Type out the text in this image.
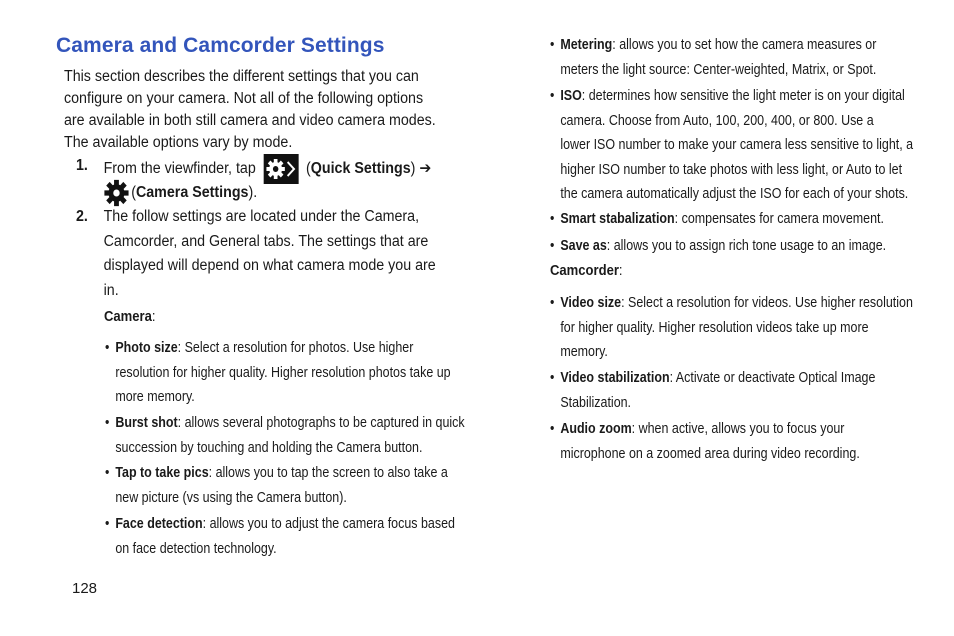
Camera and Camcorder Settings
This section describes the different settings that you can configure on your camera. Not all of the following options are available in both still camera and video camera modes. The available options vary by mode.
1. From the viewfinder, tap	(Quick Settings) ➔
(Camera Settings).
2. The follow settings are located under the Camera, Camcorder, and General tabs. The settings that are displayed will depend on what camera mode you are in.
Camera:
• Photo size: Select a resolution for photos. Use higher
resolution for higher quality. Higher resolution photos take up
more memory.
• Burst shot: allows several photographs to be captured in quick
succession by touching and holding the Camera button.
• Tap to take pics: allows you to tap the screen to also take a
new picture (vs using the Camera button).
• Face detection: allows you to adjust the camera focus based
on face detection technology.
Camcorder:
• Metering: allows you to set how the camera measures or
meters the light source: Center-weighted, Matrix, or Spot.
• ISO: determines how sensitive the light meter is on your digital
camera. Choose from Auto, 100, 200, 400, or 800. Use a
lower ISO number to make your camera less sensitive to light, a
higher ISO number to take photos with less light, or Auto to let
the camera automatically adjust the ISO for each of your shots.
• Smart stabalization: compensates for camera movement.
• Save as: allows you to assign rich tone usage to an image.
• Video size: Select a resolution for videos. Use higher resolution
for higher quality. Higher resolution videos take up more
memory.
• Video stabilization: Activate or deactivate Optical Image
Stabilization.
• Audio zoom: when active, allows you to focus your
microphone on a zoomed area during video recording.
128
